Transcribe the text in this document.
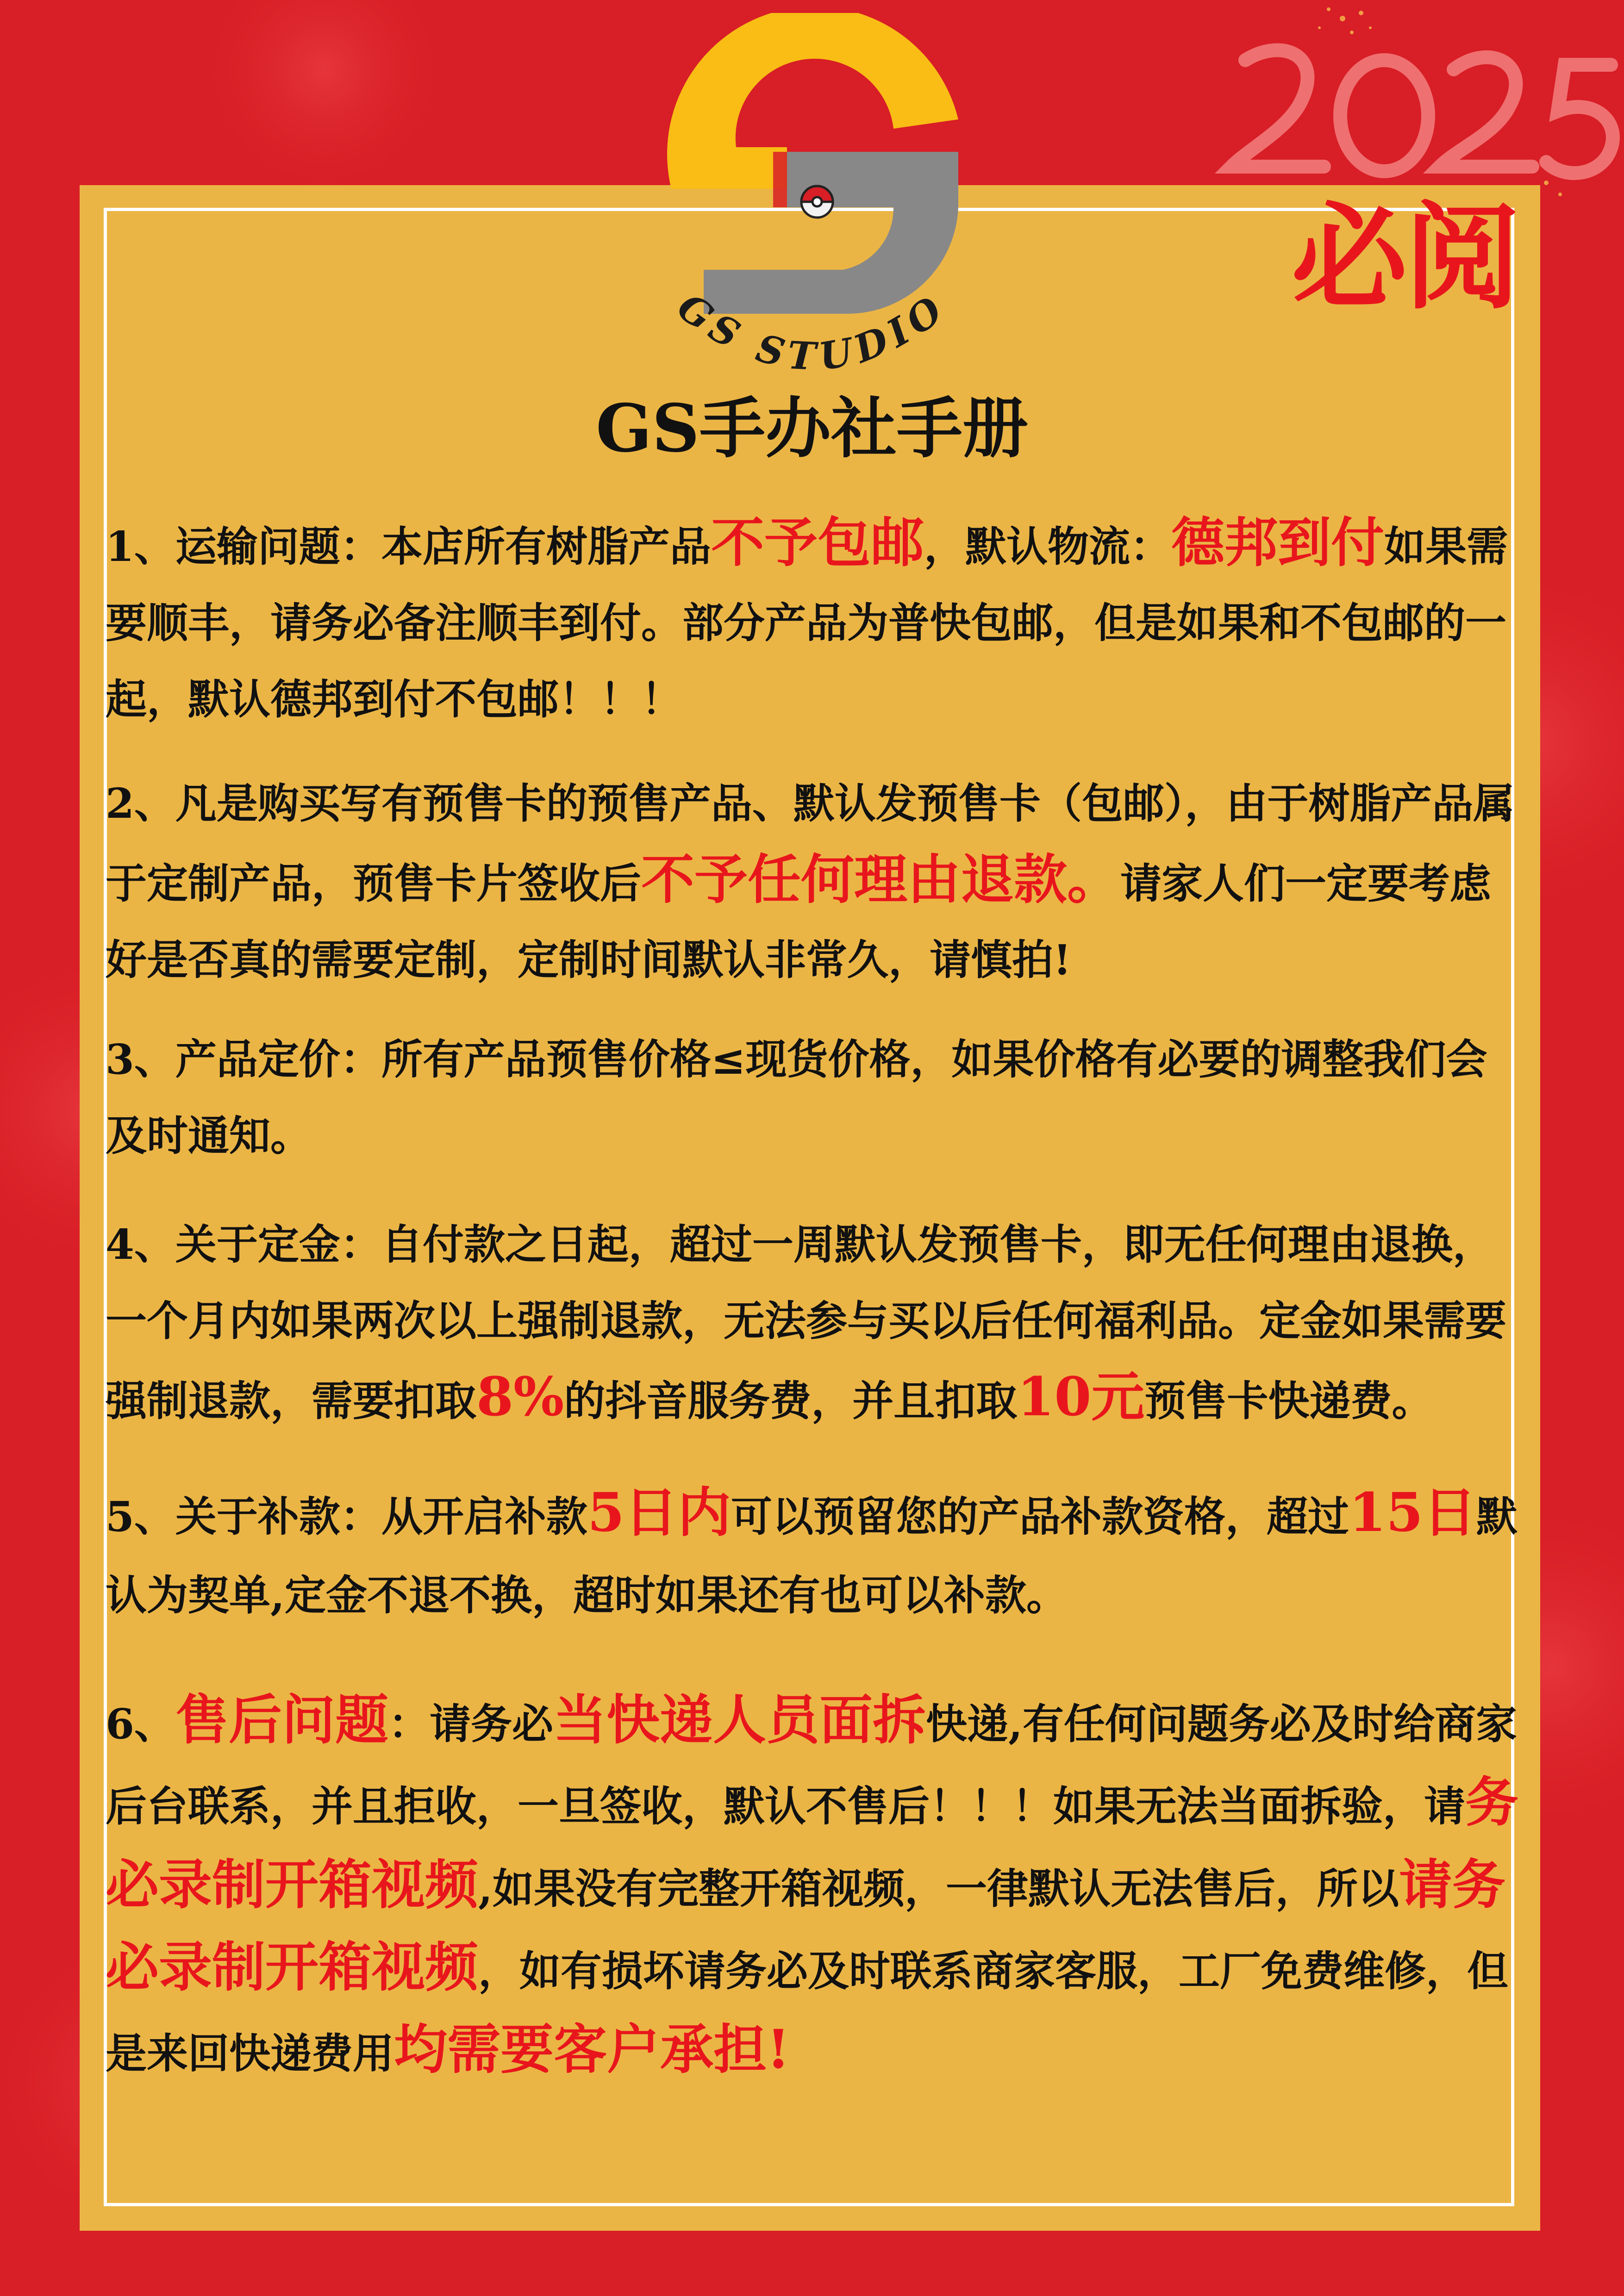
GS STUDIO	必阅
GS手办社手册

1、运输问题：本店所有树脂产品不予包邮，默认物流：德邦到付如果需要顺丰，请务必备注顺丰到付。部分产品为普快包邮，但是如果和不包邮的一起，默认德邦到付不包邮！！！

2、凡是购买写有预售卡的预售产品、默认发预售卡（包邮），由于树脂产品属于定制产品，预售卡片签收后不予任何理由退款。请家人们一定要考虑好是否真的需要定制，定制时间默认非常久，请慎拍!

3、产品定价：所有产品预售价格≤现货价格，如果价格有必要的调整我们会及时通知。

4、关于定金：自付款之日起，超过一周默认发预售卡，即无任何理由退换，一个月内如果两次以上强制退款，无法参与买以后任何福利品。定金如果需要强制退款，需要扣取8%的抖音服务费，并且扣取10元预售卡快递费。

5、关于补款：从开启补款5日内可以预留您的产品补款资格，超过15日默认为契单,定金不退不换，超时如果还有也可以补款。

6、售后问题：请务必当快递人员面拆快递,有任何问题务必及时给商家后台联系，并且拒收，一旦签收，默认不售后！！！如果无法当面拆验，请务必录制开箱视频,如果没有完整开箱视频，一律默认无法售后，所以请务必录制开箱视频，如有损坏请务必及时联系商家客服，工厂免费维修，但是来回快递费用均需要客户承担!
